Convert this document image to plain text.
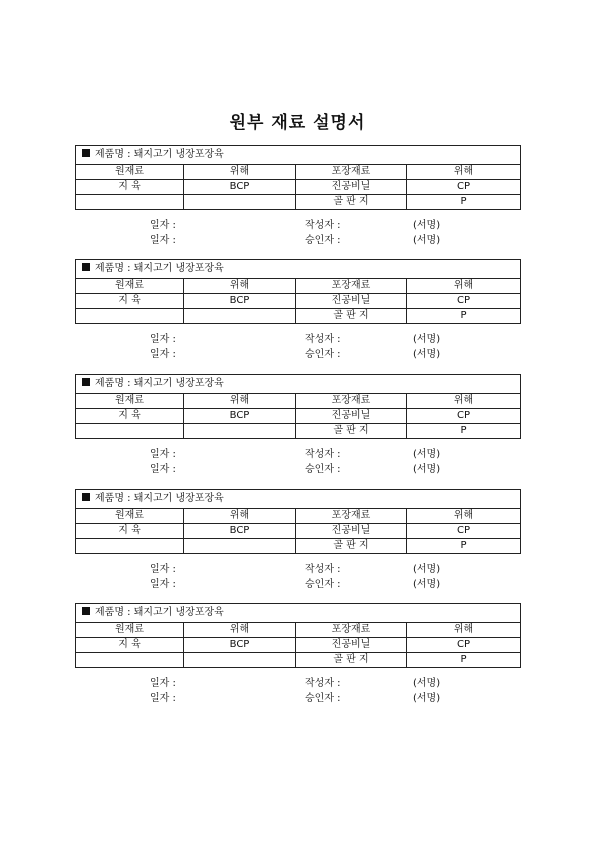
원부 재료 설명서
제품명 : 돼지고기 냉장포장육			
원재료	위해	포장재료	위해
지 육	BCP	진공비닐	CP
		골 판 지	P
일자 :	작성자 :	(서명)
일자 :	승인자 :	(서명)
제품명 : 돼지고기 냉장포장육			
원재료	위해	포장재료	위해
지 육	BCP	진공비닐	CP
		골 판 지	P
일자 :	작성자 :	(서명)
일자 :	승인자 :	(서명)
제품명 : 돼지고기 냉장포장육			
원재료	위해	포장재료	위해
지 육	BCP	진공비닐	CP
		골 판 지	P
일자 :	작성자 :	(서명)
일자 :	승인자 :	(서명)
제품명 : 돼지고기 냉장포장육			
원재료	위해	포장재료	위해
지 육	BCP	진공비닐	CP
		골 판 지	P
일자 :	작성자 :	(서명)
일자 :	승인자 :	(서명)
제품명 : 돼지고기 냉장포장육			
원재료	위해	포장재료	위해
지 육	BCP	진공비닐	CP
		골 판 지	P
일자 :	작성자 :	(서명)
일자 :	승인자 :	(서명)
